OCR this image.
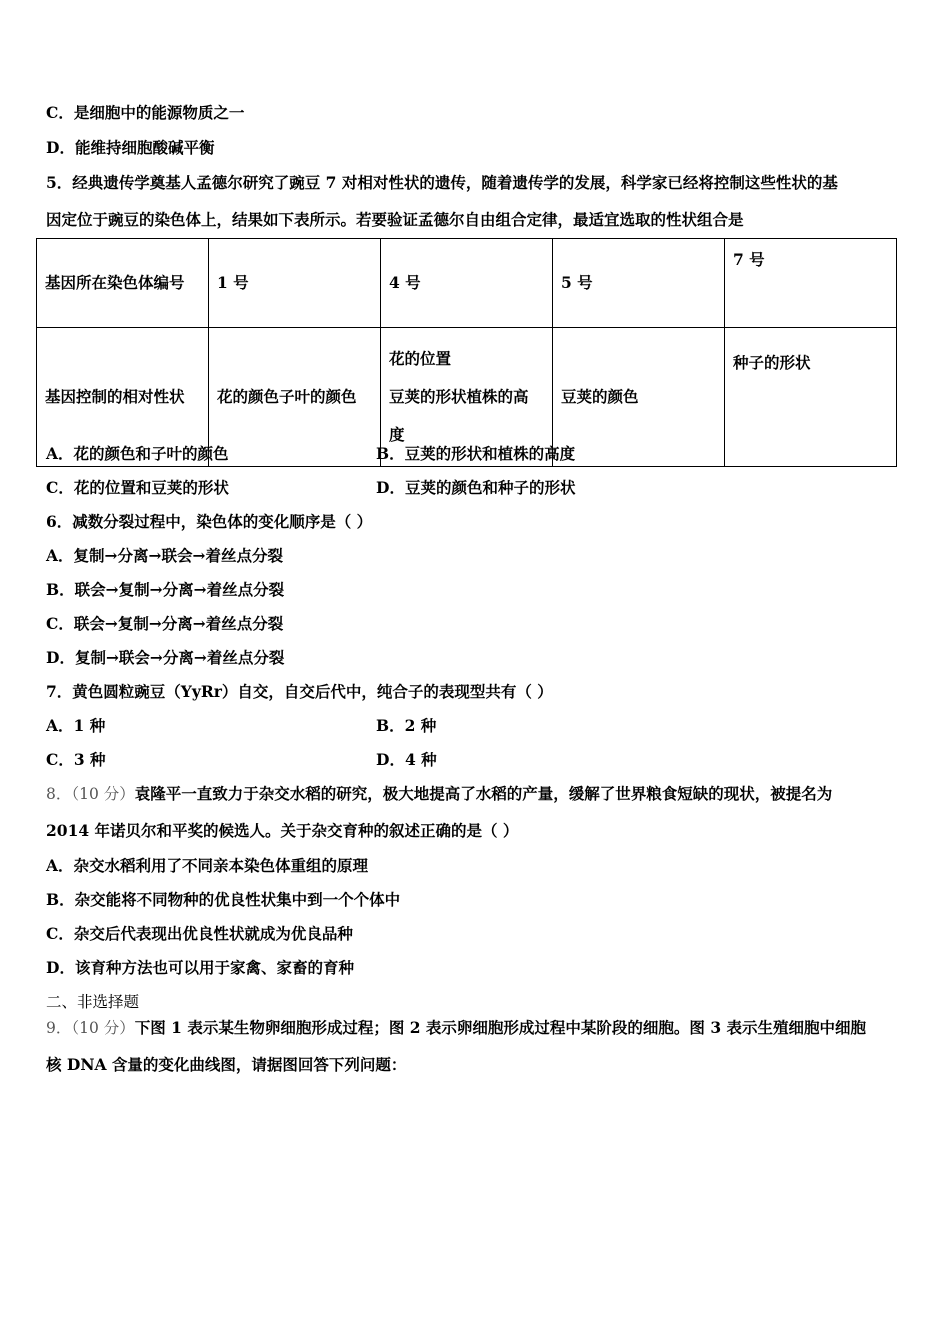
C．是细胞中的能源物质之一
D．能维持细胞酸碱平衡
5．经典遗传学奠基人孟德尔研究了豌豆 7 对相对性状的遗传，随着遗传学的发展，科学家已经将控制这些性状的基
因定位于豌豆的染色体上，结果如下表所示。若要验证孟德尔自由组合定律，最适宜选取的性状组合是
基因所在染色体编号	1 号	4 号	5 号	7 号
基因控制的相对性状	花的颜色子叶的颜色	花的位置
豆荚的形状植株的高
度	豆荚的颜色	种子的形状
A．花的颜色和子叶的颜色	B．豆荚的形状和植株的高度
C．花的位置和豆荚的形状	D．豆荚的颜色和种子的形状
6．减数分裂过程中，染色体的变化顺序是（ ）
A．复制→分离→联会→着丝点分裂
B．联会→复制→分离→着丝点分裂
C．联会→复制→分离→着丝点分裂
D．复制→联会→分离→着丝点分裂
7．黄色圆粒豌豆（YyRr）自交，自交后代中，纯合子的表现型共有（ ）
A．1 种	B．2 种
C．3 种	D．4 种
8．（10 分）袁隆平一直致力于杂交水稻的研究，极大地提高了水稻的产量，缓解了世界粮食短缺的现状，被提名为
2014 年诺贝尔和平奖的候选人。关于杂交育种的叙述正确的是（ ）
A．杂交水稻利用了不同亲本染色体重组的原理
B．杂交能将不同物种的优良性状集中到一个个体中
C．杂交后代表现出优良性状就成为优良品种
D．该育种方法也可以用于家禽、家畜的育种
二、非选择题
9．（10 分）下图 1 表示某生物卵细胞形成过程；图 2 表示卵细胞形成过程中某阶段的细胞。图 3 表示生殖细胞中细胞
核 DNA 含量的变化曲线图，请据图回答下列问题：
